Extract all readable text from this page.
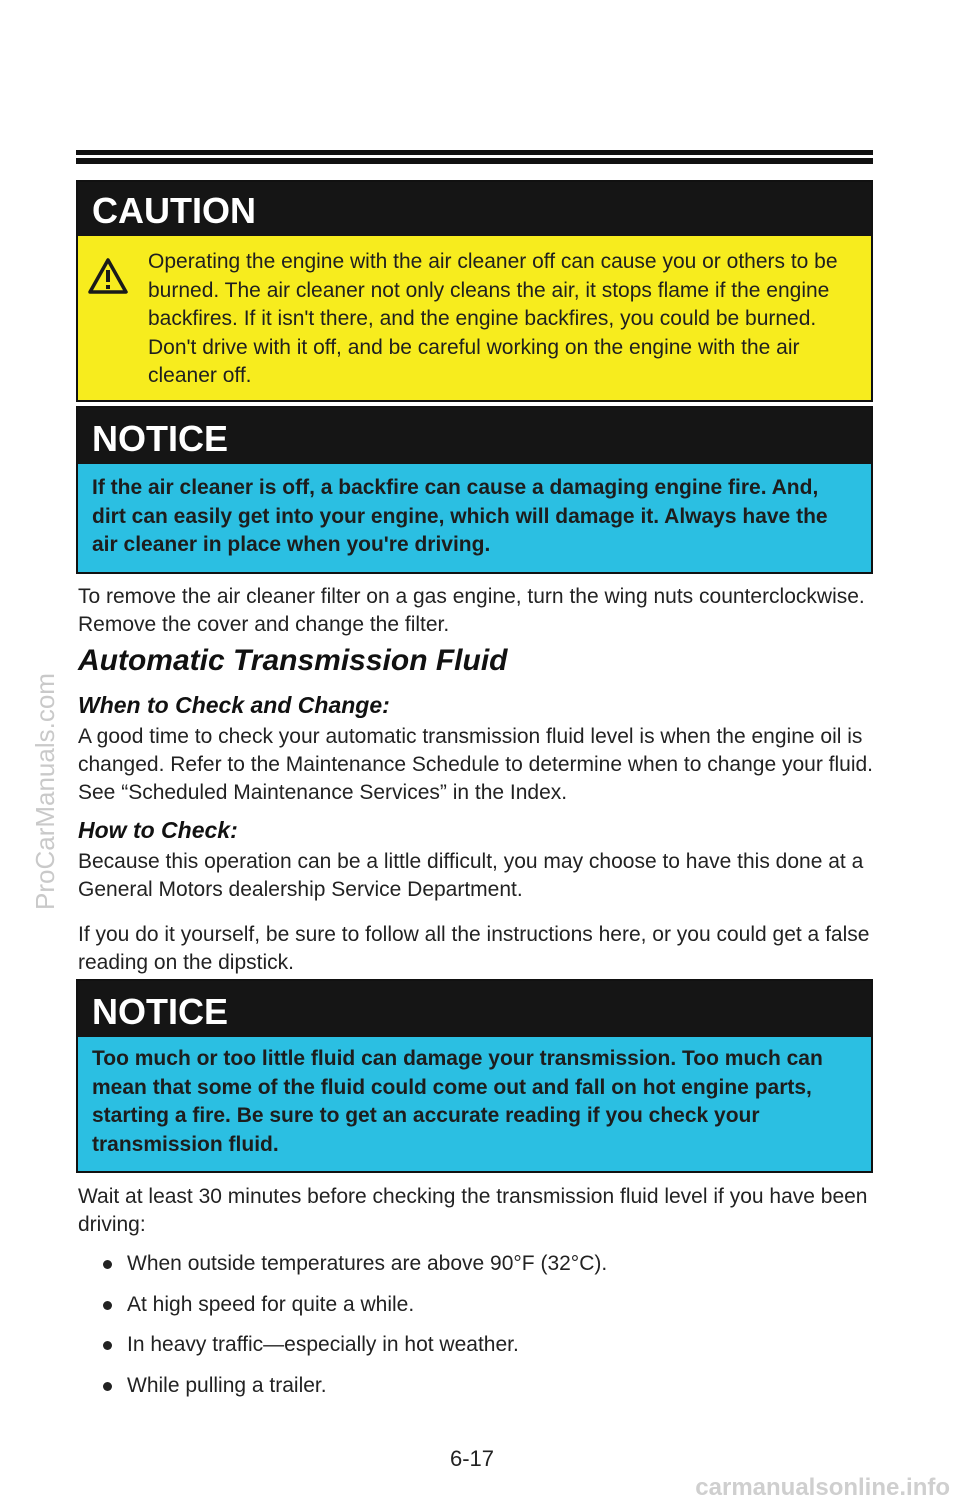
ProCarManuals.com
carmanualsonline.info
CAUTION
Operating the engine with the air cleaner off can cause you or others to be burned. The air cleaner not only cleans the air, it stops flame if the engine backfires. If it isn't there, and the engine backfires, you could be burned. Don't drive with it off, and be careful working on the engine with the air cleaner off.
NOTICE
If the air cleaner is off, a backfire can cause a damaging engine fire. And, dirt can easily get into your engine, which will damage it. Always have the air cleaner in place when you're driving.
To remove the air cleaner filter on a gas engine, turn the wing nuts counterclockwise. Remove the cover and change the filter.
Automatic Transmission Fluid
When to Check and Change:
A good time to check your automatic transmission fluid level is when the engine oil is changed. Refer to the Maintenance Schedule to determine when to change your fluid. See “Scheduled Maintenance Services” in the Index.
How to Check:
Because this operation can be a little difficult, you may choose to have this done at a General Motors dealership Service Department.
If you do it yourself, be sure to follow all the instructions here, or you could get a false reading on the dipstick.
NOTICE
Too much or too little fluid can damage your transmission. Too much can mean that some of the fluid could come out and fall on hot engine parts, starting a fire. Be sure to get an accurate reading if you check your transmission fluid.
Wait at least 30 minutes before checking the transmission fluid level if you have been driving:
When outside temperatures are above 90°F (32°C).
At high speed for quite a while.
In heavy traffic—especially in hot weather.
While pulling a trailer.
6-17
